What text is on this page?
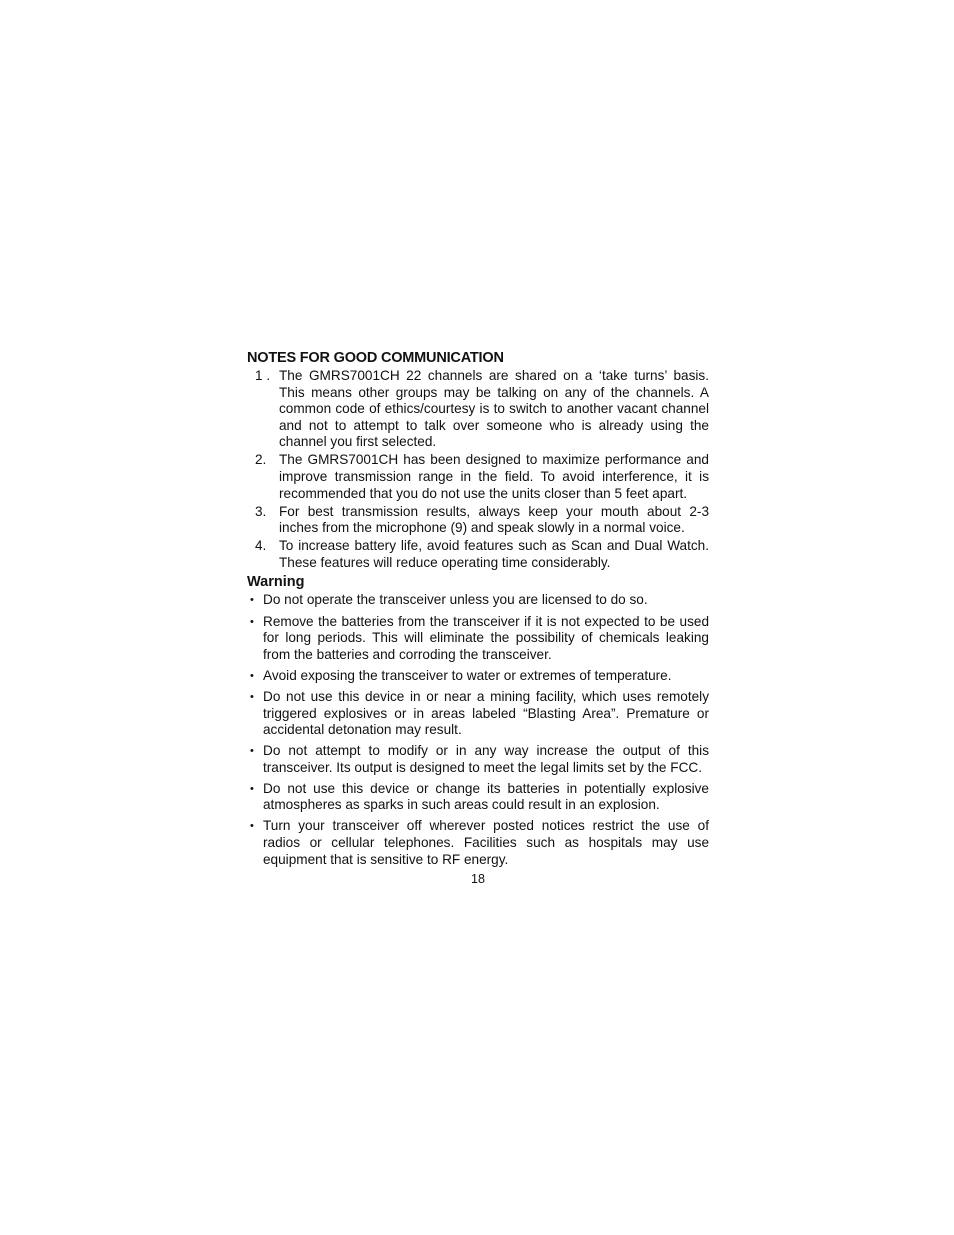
NOTES FOR GOOD COMMUNICATION
1 . The GMRS7001CH 22 channels are shared on a ‘take turns’ basis. This means other groups may be talking on any of the channels. A common code of ethics/courtesy is to switch to another vacant channel and not to attempt to talk over someone who is already using the channel you first selected.
2. The GMRS7001CH has been designed to maximize performance and improve transmission range in the field. To avoid interference, it is recommended that you do not use the units closer than 5 feet apart.
3. For best transmission results, always keep your mouth about 2-3 inches from the microphone (9) and speak slowly in a normal voice.
4. To increase battery life, avoid features such as Scan and Dual Watch. These features will reduce operating time considerably.
Warning
• Do not operate the transceiver unless you are licensed to do so.
• Remove the batteries from the transceiver if it is not expected to be used for long periods. This will eliminate the possibility of chemicals leaking from the batteries and corroding the transceiver.
• Avoid exposing the transceiver to water or extremes of temperature.
• Do not use this device in or near a mining facility, which uses remotely triggered explosives or in areas labeled “Blasting Area”. Premature or accidental detonation may result.
• Do not attempt to modify or in any way increase the output of this transceiver. Its output is designed to meet the legal limits set by the FCC.
• Do not use this device or change its batteries in potentially explosive atmospheres as sparks in such areas could result in an explosion.
• Turn your transceiver off wherever posted notices restrict the use of radios or cellular telephones. Facilities such as hospitals may use equipment that is sensitive to RF energy.
18
